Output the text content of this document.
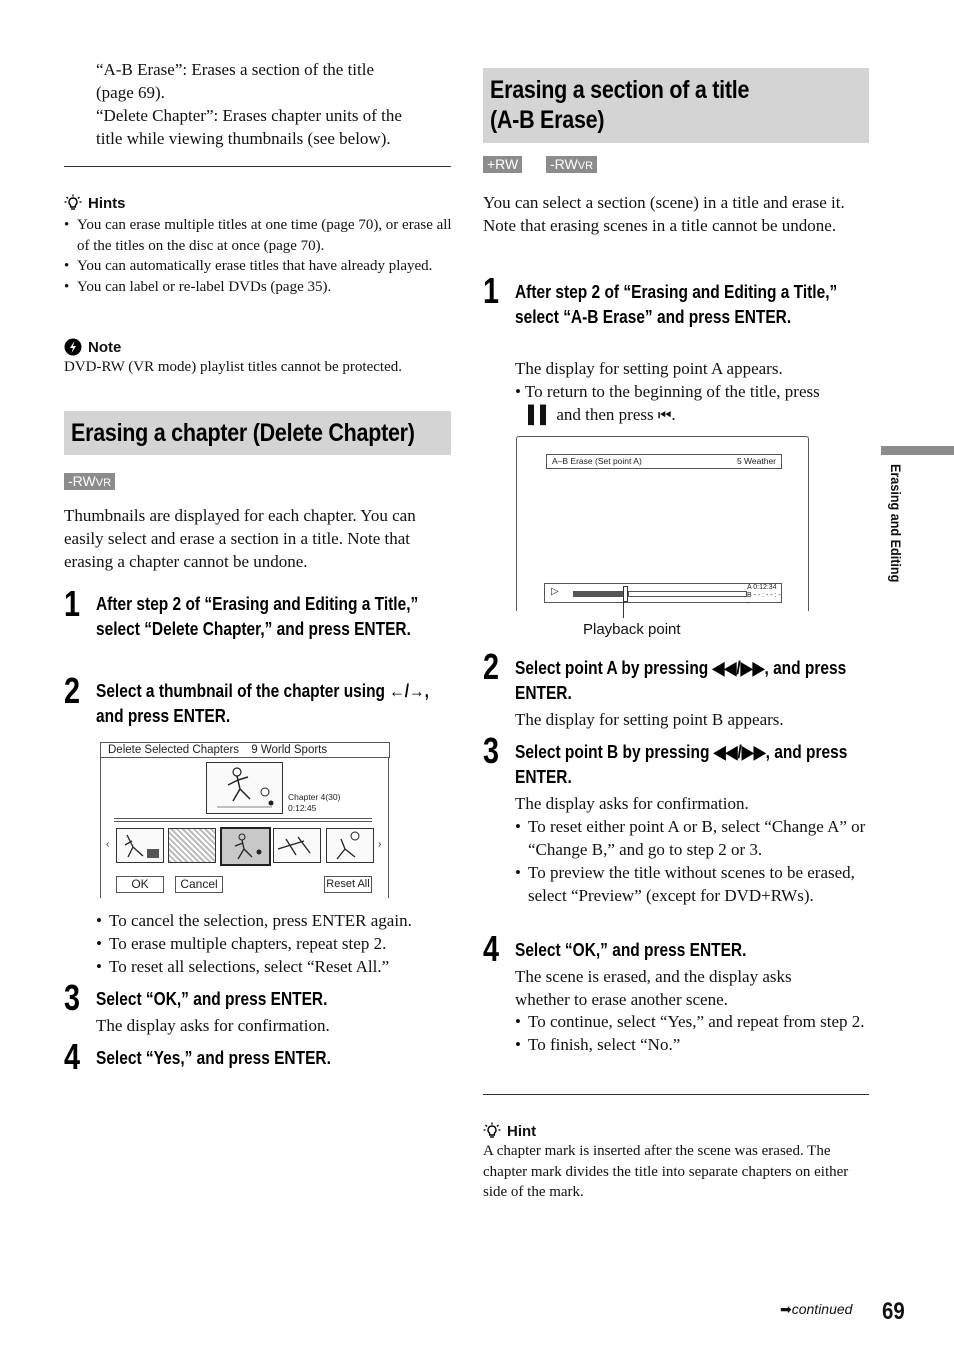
“A-B Erase”: Erases a section of the title
(page 69).
“Delete Chapter”: Erases chapter units of the
title while viewing thumbnails (see below).
Hints
• You can erase multiple titles at one time (page 70), or erase all of the titles on the disc at once (page 70).
• You can automatically erase titles that have already played.
• You can label or re-label DVDs (page 35).
Note
DVD-RW (VR mode) playlist titles cannot be protected.
Erasing a chapter (Delete Chapter)
-RWVR
Thumbnails are displayed for each chapter. You can easily select and erase a section in a title. Note that erasing a chapter cannot be undone.
1 After step 2 of “Erasing and Editing a Title,” select “Delete Chapter,” and press ENTER.
2 Select a thumbnail of the chapter using ←/→, and press ENTER.
Delete Selected Chapters 9 World Sports
Chapter 4(30)
0:12:45
‹	›
OK	Cancel	Reset All
• To cancel the selection, press ENTER again.
• To erase multiple chapters, repeat step 2.
• To reset all selections, select “Reset All.”
3 Select “OK,” and press ENTER.
The display asks for confirmation.
4 Select “Yes,” and press ENTER.
Erasing a section of a title
(A-B Erase)
+RW -RWVR
You can select a section (scene) in a title and erase it. Note that erasing scenes in a title cannot be undone.
1 After step 2 of “Erasing and Editing a Title,” select “A-B Erase” and press ENTER.
The display for setting point A appears.
• To return to the beginning of the title, press
▌▌ and then press ⏮.
A–B Erase (Set point A)	5 Weather
▷	A 0:12:34
B - - : - - : - -
Playback point
2 Select point A by pressing ◀◀/▶▶, and press ENTER.
The display for setting point B appears.
3 Select point B by pressing ◀◀/▶▶, and press ENTER.
The display asks for confirmation.
• To reset either point A or B, select “Change A” or “Change B,” and go to step 2 or 3.
• To preview the title without scenes to be erased, select “Preview” (except for DVD+RWs).
4 Select “OK,” and press ENTER.
The scene is erased, and the display asks whether to erase another scene.
• To continue, select “Yes,” and repeat from step 2.
• To finish, select “No.”
Hint
A chapter mark is inserted after the scene was erased. The chapter mark divides the title into separate chapters on either side of the mark.
Erasing and Editing
➡continued 69
